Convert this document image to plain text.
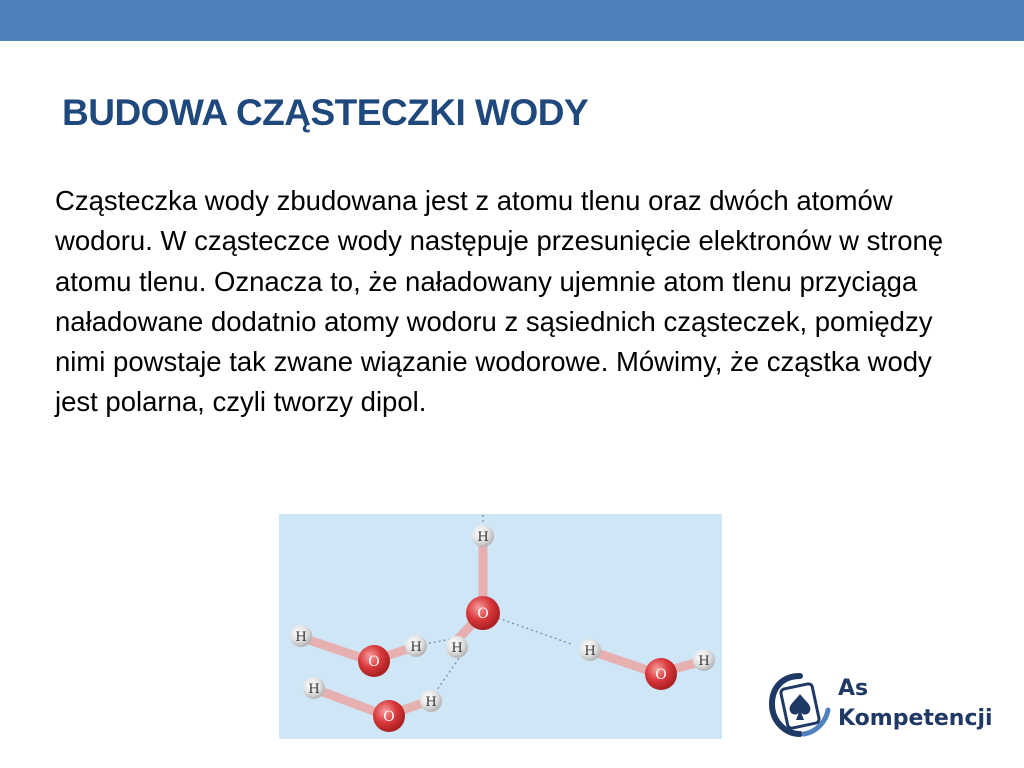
BUDOWA CZĄSTECZKI WODY

Cząsteczka wody zbudowana jest z atomu tlenu oraz dwóch atomów wodoru. W cząsteczce wody następuje przesunięcie elektronów w stronę atomu tlenu. Oznacza to, że naładowany ujemnie atom tlenu przyciąga naładowane dodatnio atomy wodoru z sąsiednich cząsteczek, pomiędzy nimi powstaje tak zwane wiązanie wodorowe. Mówimy, że cząstka wody jest polarna, czyli tworzy dipol.

H
O
H
H
O
H
H
O
H
H
O
H
As
Kompetencji
